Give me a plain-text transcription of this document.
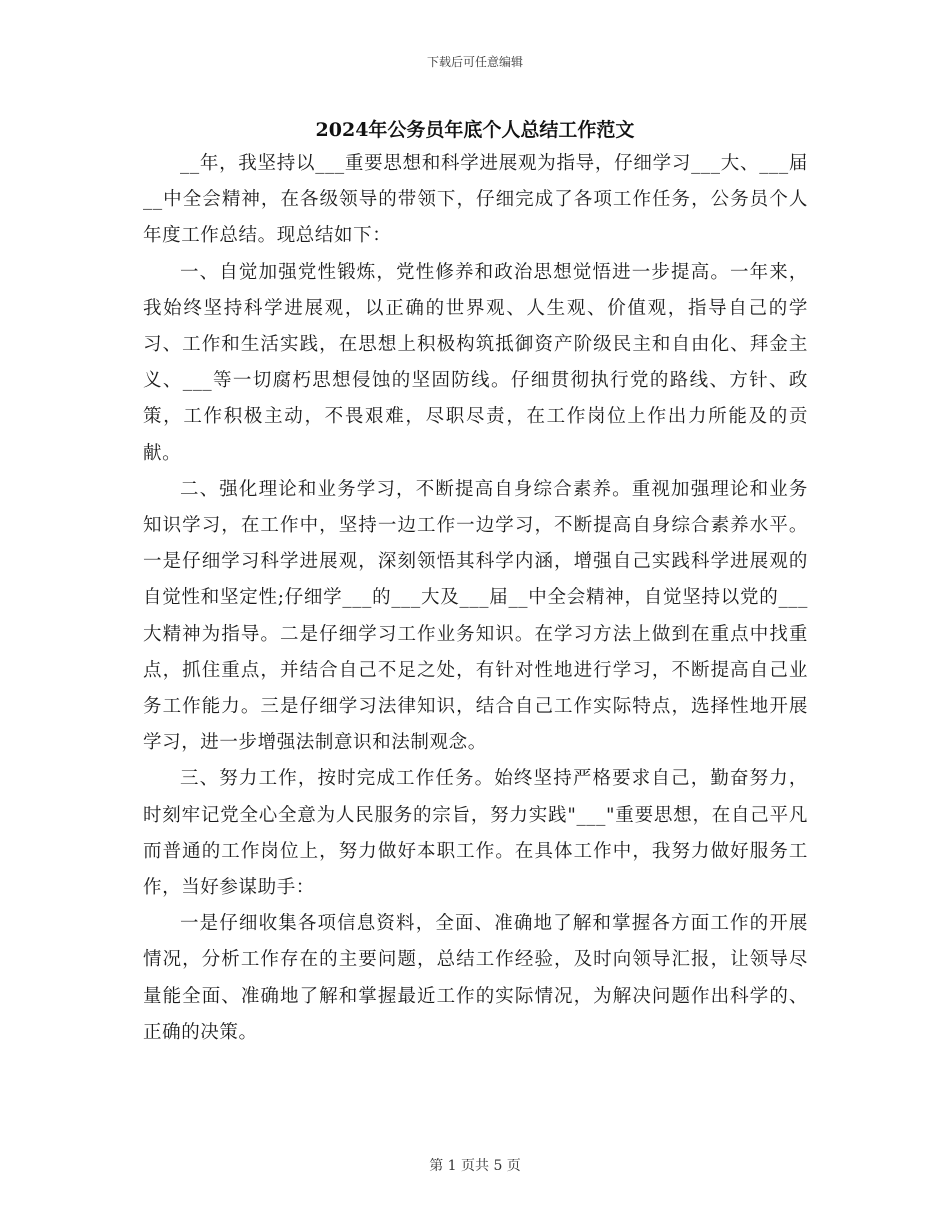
下载后可任意编辑
2024年公务员年底个人总结工作范文

__年，我坚持以___重要思想和科学进展观为指导，仔细学习___大、___届__中全会精神，在各级领导的带领下，仔细完成了各项工作任务，公务员个人年度工作总结。现总结如下：

一、自觉加强党性锻炼，党性修养和政治思想觉悟进一步提高。一年来，我始终坚持科学进展观，以正确的世界观、人生观、价值观，指导自己的学习、工作和生活实践，在思想上积极构筑抵御资产阶级民主和自由化、拜金主义、___等一切腐朽思想侵蚀的坚固防线。仔细贯彻执行党的路线、方针、政策，工作积极主动，不畏艰难，尽职尽责，在工作岗位上作出力所能及的贡献。

二、强化理论和业务学习，不断提高自身综合素养。重视加强理论和业务知识学习，在工作中，坚持一边工作一边学习，不断提高自身综合素养水平。一是仔细学习科学进展观，深刻领悟其科学内涵，增强自己实践科学进展观的自觉性和坚定性;仔细学___的___大及___届__中全会精神，自觉坚持以党的___大精神为指导。二是仔细学习工作业务知识。在学习方法上做到在重点中找重点，抓住重点，并结合自己不足之处，有针对性地进行学习，不断提高自己业务工作能力。三是仔细学习法律知识，结合自己工作实际特点，选择性地开展学习，进一步增强法制意识和法制观念。

三、努力工作，按时完成工作任务。始终坚持严格要求自己，勤奋努力，时刻牢记党全心全意为人民服务的宗旨，努力实践"___"重要思想，在自己平凡而普通的工作岗位上，努力做好本职工作。在具体工作中，我努力做好服务工作，当好参谋助手：

一是仔细收集各项信息资料，全面、准确地了解和掌握各方面工作的开展情况，分析工作存在的主要问题，总结工作经验，及时向领导汇报，让领导尽量能全面、准确地了解和掌握最近工作的实际情况，为解决问题作出科学的、正确的决策。

第 1 页共 5 页
